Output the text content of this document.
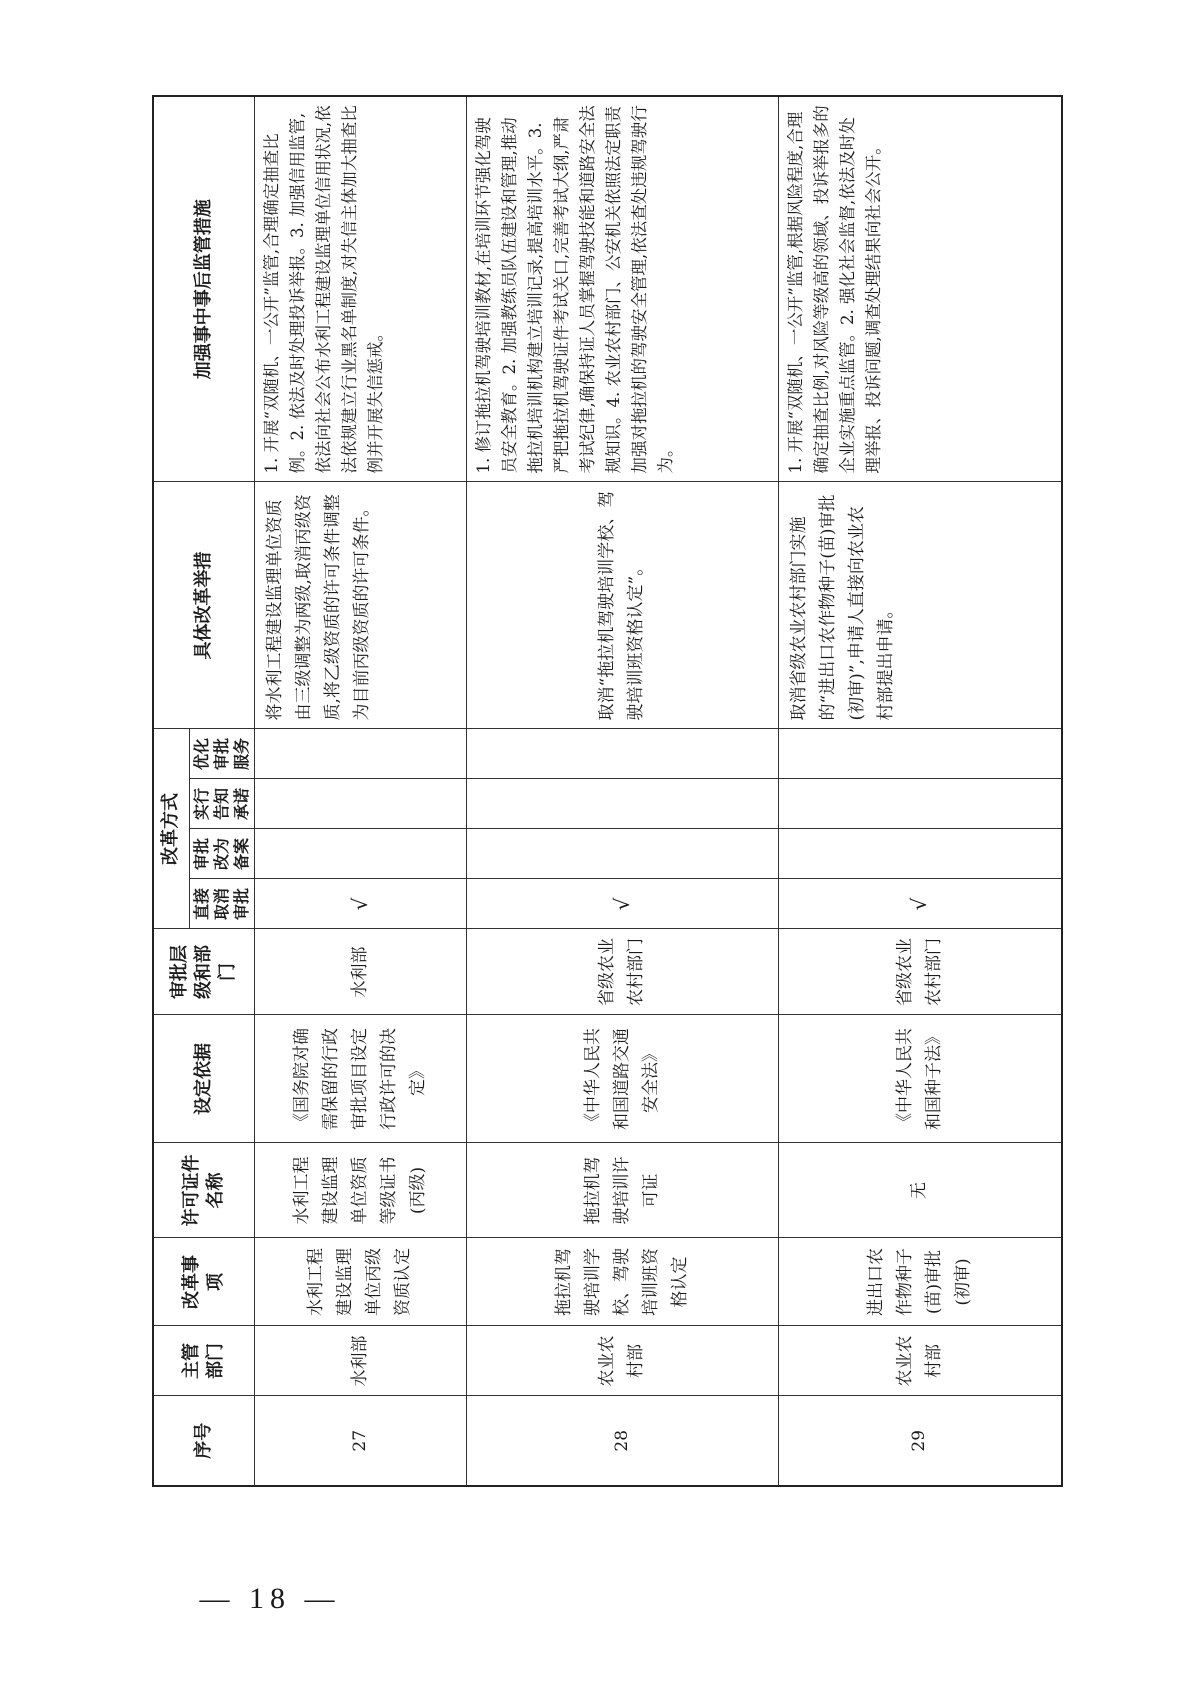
序号	主管部门	改革事项	许可证件名称	设定依据	审批层级和部门	改革方式				具体改革举措	加强事中事后监管措施
						直接取消审批	审批改为备案	实行告知承诺	优化审批服务		
27	水利部	水利工程建设监理单位丙级资质认定	水利工程建设监理单位资质等级证书(丙级)	《国务院对确需保留的行政审批项目设定行政许可的决定》	水利部	√				将水利工程建设监理单位资质由三级调整为两级,取消丙级资质,将乙级资质的许可条件调整为目前丙级资质的许可条件。	1. 开展“双随机、一公开”监管,合理确定抽查比例。2. 依法及时处理投诉举报。3. 加强信用监管,依法向社会公布水利工程建设监理单位信用状况,依法依规建立行业黑名单制度,对失信主体加大抽查比例并开展失信惩戒。
28	农业农村部	拖拉机驾驶培训学校、驾驶培训班资格认定	拖拉机驾驶培训许可证	《中华人民共和国道路交通安全法》	省级农业农村部门	√				取消“拖拉机驾驶培训学校、驾驶培训班资格认定”。	1. 修订拖拉机驾驶培训教材,在培训环节强化驾驶员安全教育。2. 加强教练员队伍建设和管理,推动拖拉机培训机构建立培训记录,提高培训水平。3. 严把拖拉机驾驶证件考试关口,完善考试大纲,严肃考试纪律,确保持证人员掌握驾驶技能和道路安全法规知识。4. 农业农村部门、公安机关依照法定职责加强对拖拉机的驾驶安全管理,依法查处违规驾驶行为。
29	农业农村部	进出口农作物种子(苗)审批(初审)	无	《中华人民共和国种子法》	省级农业农村部门	√				取消省级农业农村部门实施的“进出口农作物种子(苗)审批(初审)”,申请人直接向农业农村部提出申请。	1. 开展“双随机、一公开”监管,根据风险程度,合理确定抽查比例,对风险等级高的领域、投诉举报多的企业实施重点监管。2. 强化社会监督,依法及时处理举报、投诉问题,调查处理结果向社会公开。
— 18 —
